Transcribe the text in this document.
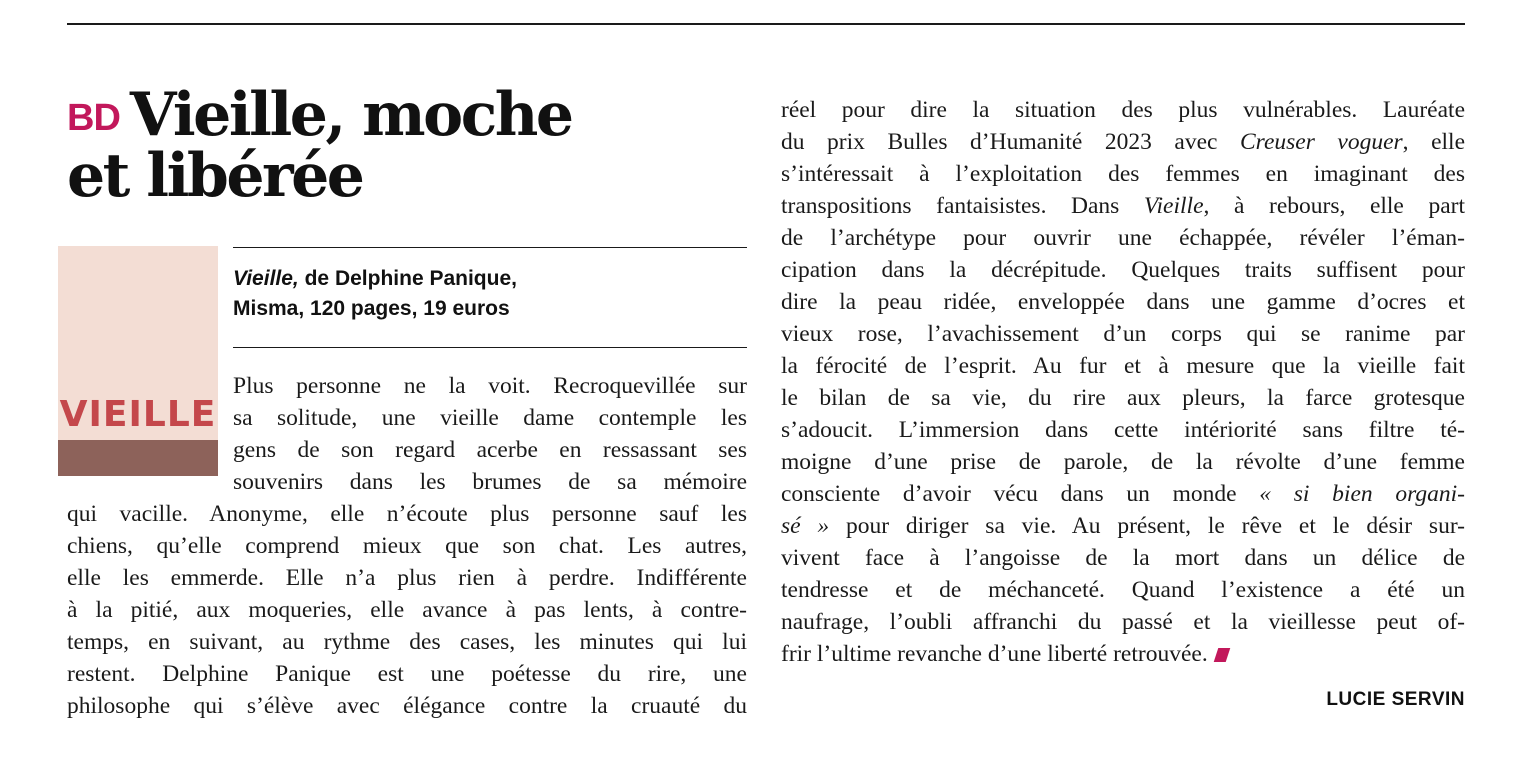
BD Vieille, moche
et libérée
VIEILLE
Vieille, de Delphine Panique,
Misma, 120 pages, 19 euros
Plus personne ne la voit. Recroquevillée sur
sa solitude, une vieille dame contemple les
gens de son regard acerbe en ressassant ses
souvenirs dans les brumes de sa mémoire
qui vacille. Anonyme, elle n’écoute plus personne sauf les
chiens, qu’elle comprend mieux que son chat. Les autres,
elle les emmerde. Elle n’a plus rien à perdre. Indifférente
à la pitié, aux moqueries, elle avance à pas lents, à contre-
temps, en suivant, au rythme des cases, les minutes qui lui
restent. Delphine Panique est une poétesse du rire, une
philosophe qui s’élève avec élégance contre la cruauté du
réel pour dire la situation des plus vulnérables. Lauréate
du prix Bulles d’Humanité 2023 avec Creuser voguer, elle
s’intéressait à l’exploitation des femmes en imaginant des
transpositions fantaisistes. Dans Vieille, à rebours, elle part
de l’archétype pour ouvrir une échappée, révéler l’éman-
cipation dans la décrépitude. Quelques traits suffisent pour
dire la peau ridée, enveloppée dans une gamme d’ocres et
vieux rose, l’avachissement d’un corps qui se ranime par
la férocité de l’esprit. Au fur et à mesure que la vieille fait
le bilan de sa vie, du rire aux pleurs, la farce grotesque
s’adoucit. L’immersion dans cette intériorité sans filtre té-
moigne d’une prise de parole, de la révolte d’une femme
consciente d’avoir vécu dans un monde « si bien organi-
sé » pour diriger sa vie. Au présent, le rêve et le désir sur-
vivent face à l’angoisse de la mort dans un délice de
tendresse et de méchanceté. Quand l’existence a été un
naufrage, l’oubli affranchi du passé et la vieillesse peut of-
frir l’ultime revanche d’une liberté retrouvée.
LUCIE SERVIN
